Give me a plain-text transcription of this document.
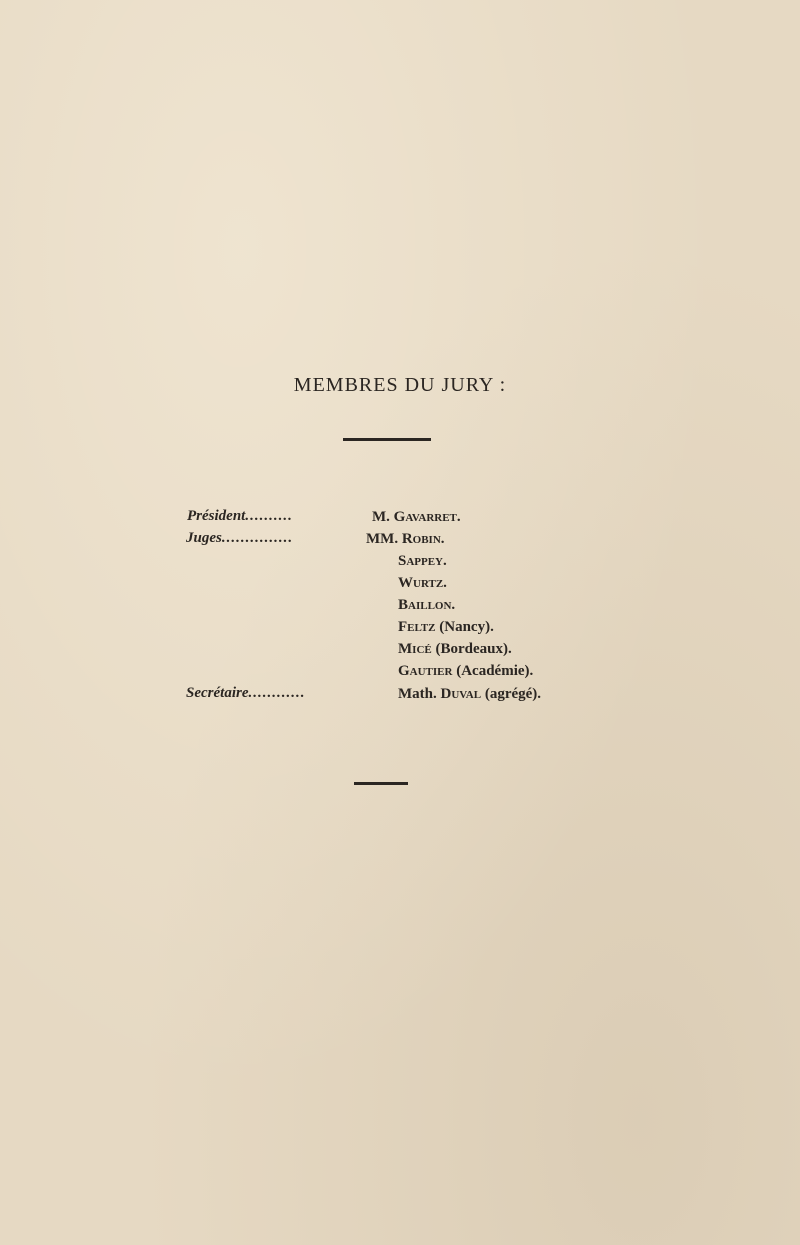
MEMBRES DU JURY :
Président..........	M. Gavarret.
Juges...............	MM. Robin.
Sappey.
Wurtz.
Baillon.
Feltz (Nancy).
Micé (Bordeaux).
Gautier (Académie).
Secrétaire............	Math. Duval (agrégé).
